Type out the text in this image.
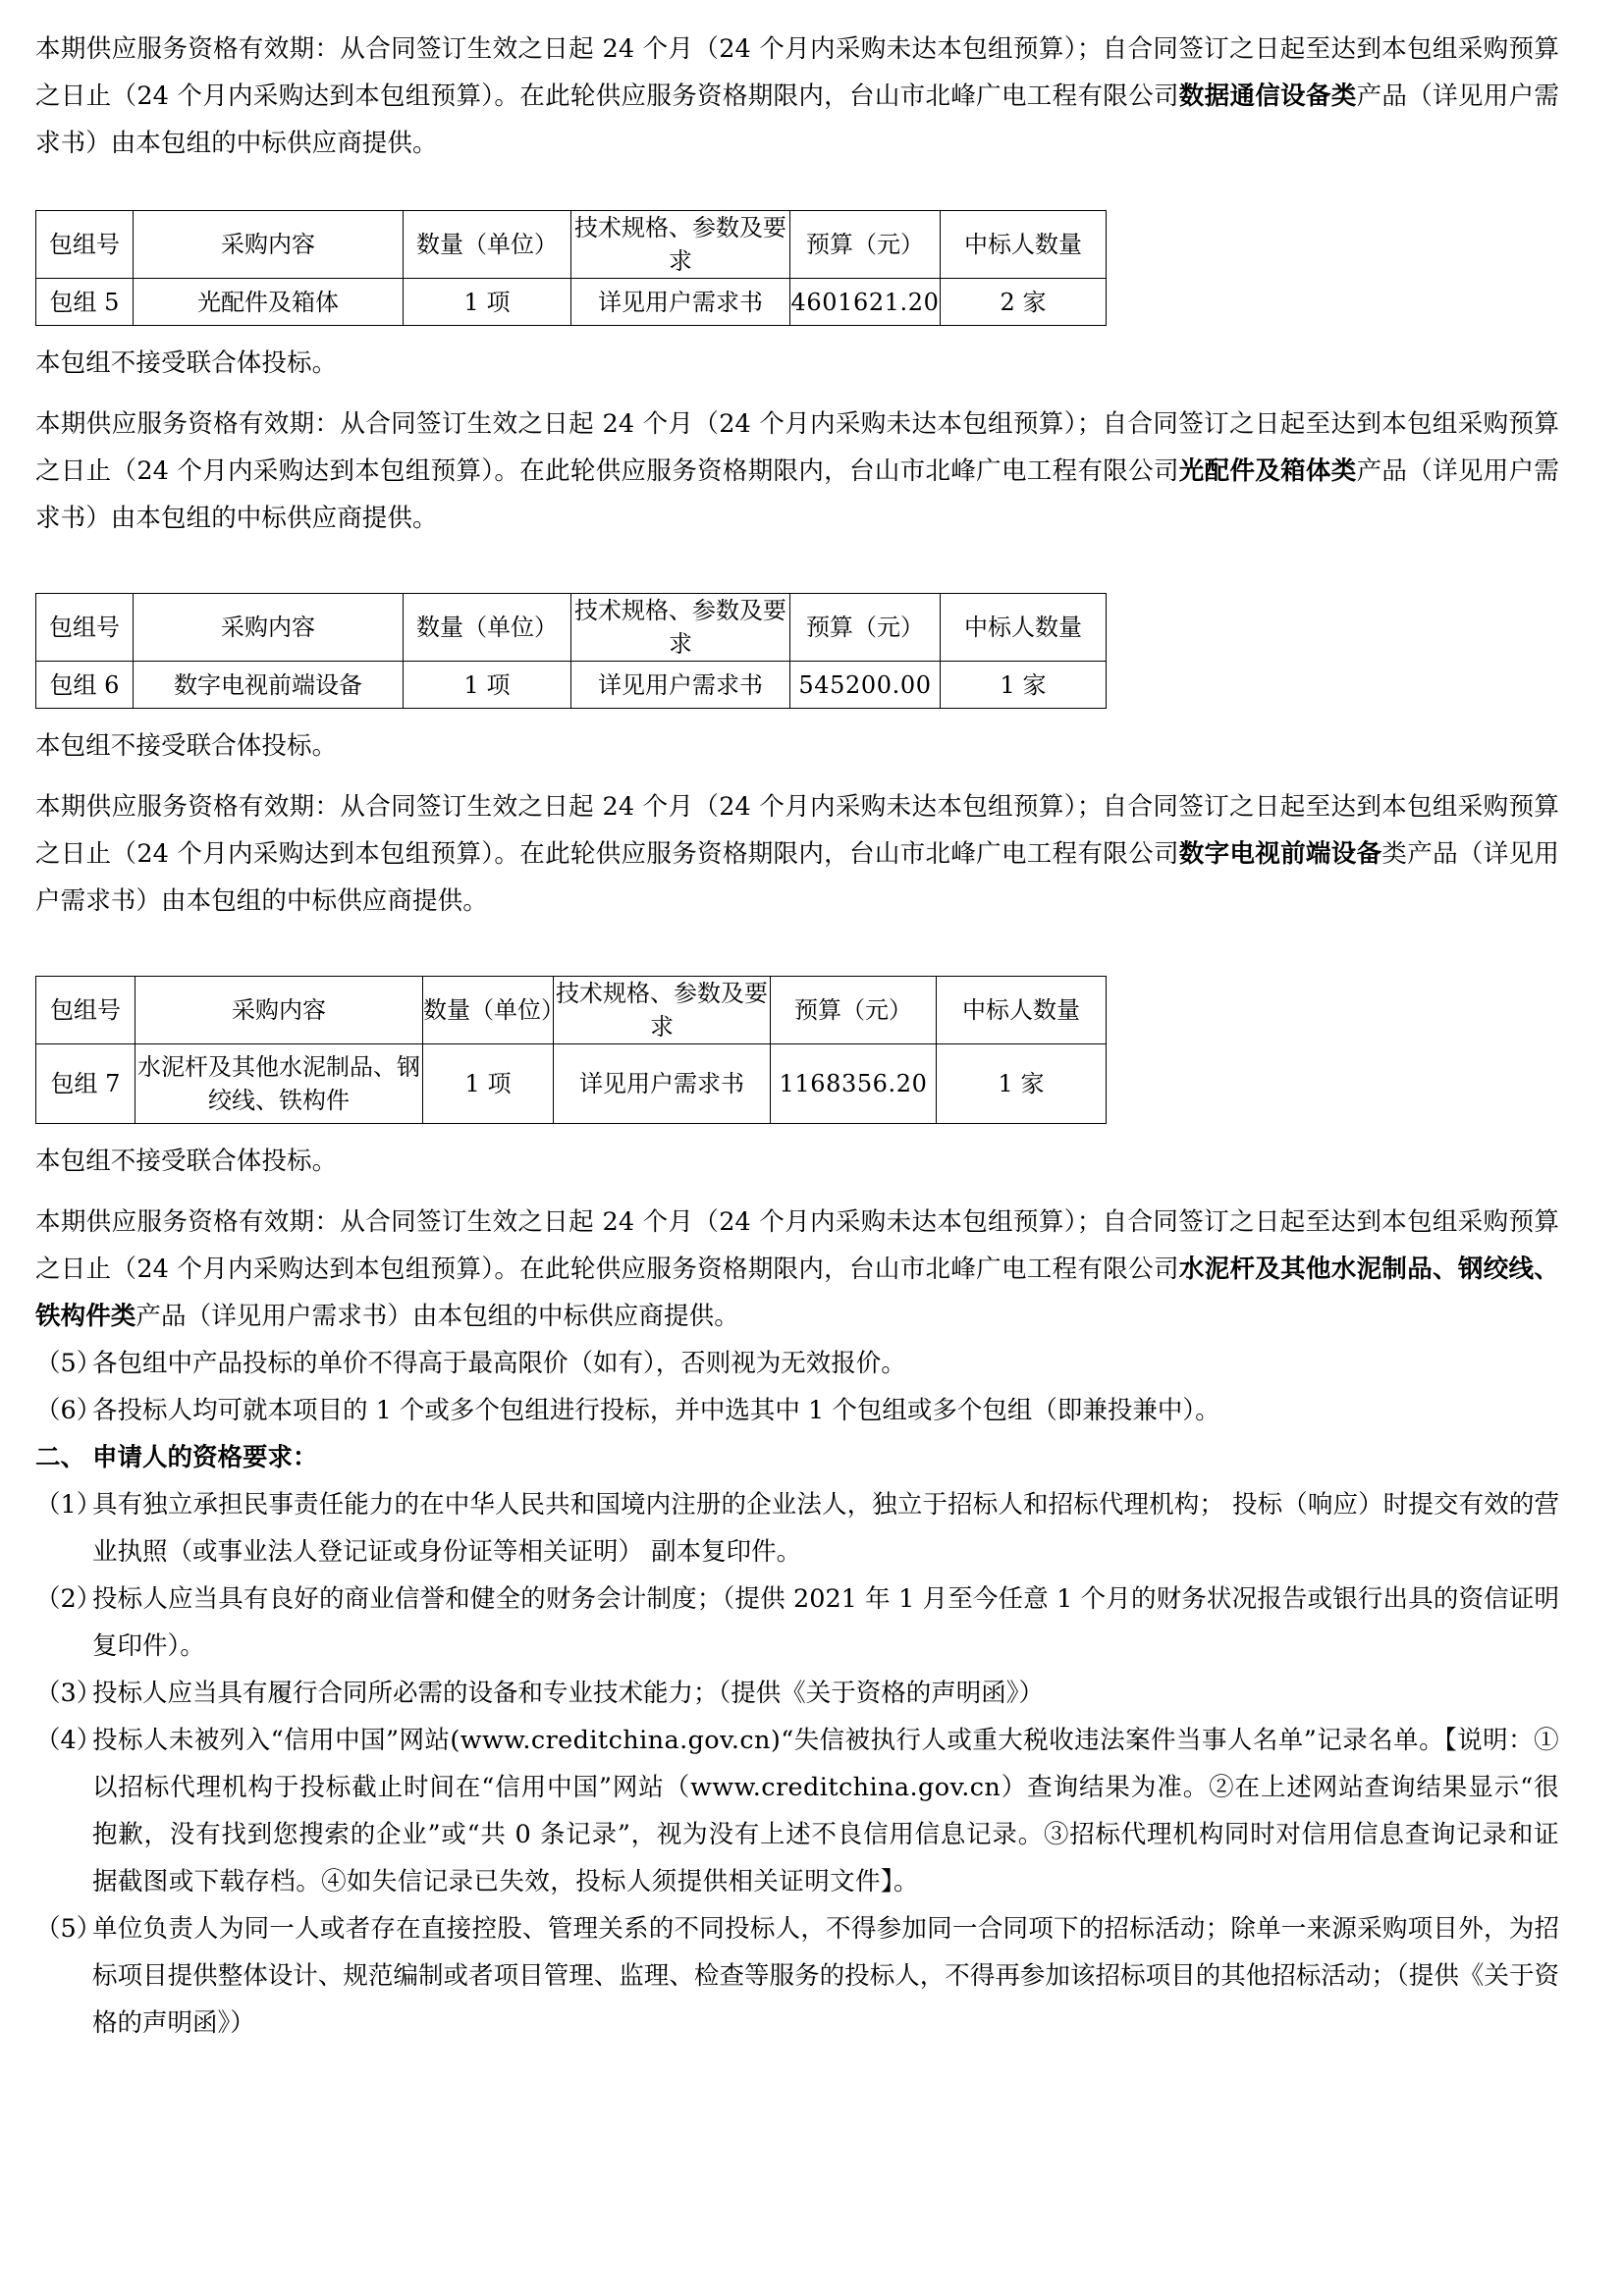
本期供应服务资格有效期：从合同签订生效之日起 24 个月（24 个月内采购未达本包组预算）；自合同签订之日起至达到本包组采购预算之日止（24 个月内采购达到本包组预算）。在此轮供应服务资格期限内，台山市北峰广电工程有限公司数据通信设备类产品（详见用户需求书）由本包组的中标供应商提供。

包组号	采购内容	数量（单位）	技术规格、参数及要求	预算（元）	中标人数量
包组 5	光配件及箱体	1 项	详见用户需求书	4601621.20	2 家

本包组不接受联合体投标。

本期供应服务资格有效期：从合同签订生效之日起 24 个月（24 个月内采购未达本包组预算）；自合同签订之日起至达到本包组采购预算之日止（24 个月内采购达到本包组预算）。在此轮供应服务资格期限内，台山市北峰广电工程有限公司光配件及箱体类产品（详见用户需求书）由本包组的中标供应商提供。

包组号	采购内容	数量（单位）	技术规格、参数及要求	预算（元）	中标人数量
包组 6	数字电视前端设备	1 项	详见用户需求书	545200.00	1 家

本包组不接受联合体投标。

本期供应服务资格有效期：从合同签订生效之日起 24 个月（24 个月内采购未达本包组预算）；自合同签订之日起至达到本包组采购预算之日止（24 个月内采购达到本包组预算）。在此轮供应服务资格期限内，台山市北峰广电工程有限公司数字电视前端设备类产品（详见用户需求书）由本包组的中标供应商提供。

包组号	采购内容	数量（单位）	技术规格、参数及要求	预算（元）	中标人数量
包组 7	水泥杆及其他水泥制品、钢绞线、铁构件	1 项	详见用户需求书	1168356.20	1 家

本包组不接受联合体投标。

本期供应服务资格有效期：从合同签订生效之日起 24 个月（24 个月内采购未达本包组预算）；自合同签订之日起至达到本包组采购预算之日止（24 个月内采购达到本包组预算）。在此轮供应服务资格期限内，台山市北峰广电工程有限公司水泥杆及其他水泥制品、钢绞线、铁构件类产品（详见用户需求书）由本包组的中标供应商提供。

（5）
各包组中产品投标的单价不得高于最高限价（如有），否则视为无效报价。
（6）
各投标人均可就本项目的 1 个或多个包组进行投标，并中选其中 1 个包组或多个包组（即兼投兼中）。
二、 申请人的资格要求：
（1）
具有独立承担民事责任能力的在中华人民共和国境内注册的企业法人，独立于招标人和招标代理机构； 投标（响应）时提交有效的营业执照（或事业法人登记证或身份证等相关证明） 副本复印件。
（2）
投标人应当具有良好的商业信誉和健全的财务会计制度；（提供 2021 年 1 月至今任意 1 个月的财务状况报告或银行出具的资信证明复印件）。
（3）
投标人应当具有履行合同所必需的设备和专业技术能力；（提供《关于资格的声明函》）
（4）
投标人未被列入“信用中国”网站(www.creditchina.gov.cn)“失信被执行人或重大税收违法案件当事人名单”记录名单。【说明：①以招标代理机构于投标截止时间在“信用中国”网站（www.creditchina.gov.cn）查询结果为准。②在上述网站查询结果显示“很抱歉，没有找到您搜索的企业”或“共 0 条记录”，视为没有上述不良信用信息记录。③招标代理机构同时对信用信息查询记录和证据截图或下载存档。④如失信记录已失效，投标人须提供相关证明文件】。
（5）
单位负责人为同一人或者存在直接控股、管理关系的不同投标人，不得参加同一合同项下的招标活动；除单一来源采购项目外，为招标项目提供整体设计、规范编制或者项目管理、监理、检查等服务的投标人，不得再参加该招标项目的其他招标活动；（提供《关于资格的声明函》）
